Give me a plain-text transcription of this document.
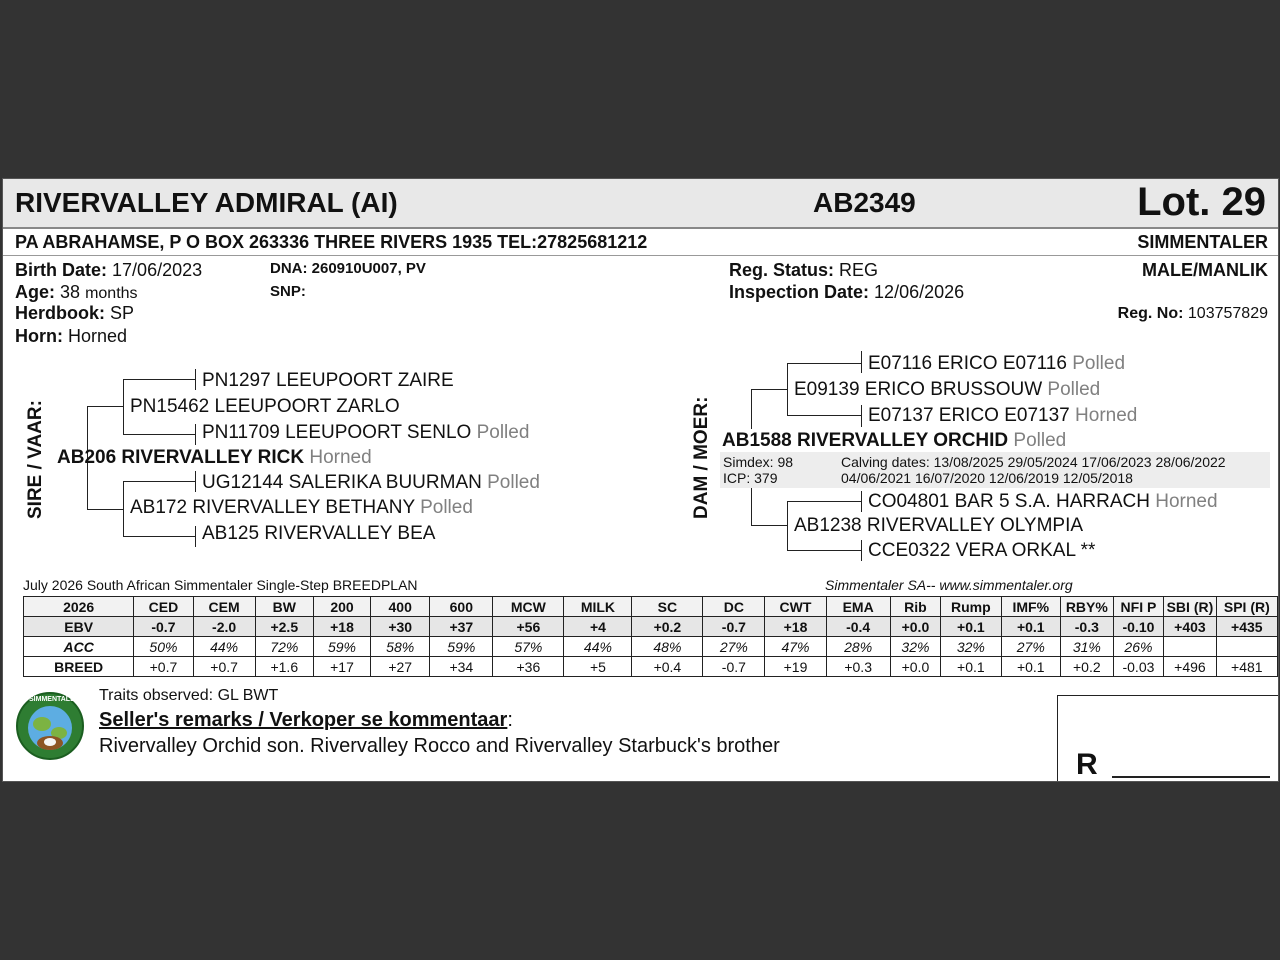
RIVERVALLEY ADMIRAL (AI)	AB2349	Lot. 29
PA ABRAHAMSE, P O BOX 263336 THREE RIVERS 1935 TEL:27825681212	SIMMENTALER
Birth Date: 17/06/2023
Age: 38 months
Herdbook: SP
Horn: Horned
DNA: 260910U007, PV
SNP:
Reg. Status: REG
Inspection Date: 12/06/2026
MALE/MANLIK
Reg. No: 103757829
SIRE / VAAR:
PN1297 LEEUPOORT ZAIRE
PN15462 LEEUPOORT ZARLO
PN11709 LEEUPOORT SENLO Polled
AB206 RIVERVALLEY RICK Horned
UG12144 SALERIKA BUURMAN Polled
AB172 RIVERVALLEY BETHANY Polled
AB125 RIVERVALLEY BEA
DAM / MOER:
E07116 ERICO E07116 Polled
E09139 ERICO BRUSSOUW Polled
E07137 ERICO E07137 Horned
AB1588 RIVERVALLEY ORCHID Polled
Simdex: 98
ICP: 379
Calving dates: 13/08/2025 29/05/2024 17/06/2023 28/06/2022
04/06/2021 16/07/2020 12/06/2019 12/05/2018
CO04801 BAR 5 S.A. HARRACH Horned
AB1238 RIVERVALLEY OLYMPIA
CCE0322 VERA ORKAL **
July 2026 South African Simmentaler Single-Step BREEDPLAN	Simmentaler SA-- www.simmentaler.org
2026	CED	CEM	BW	200	400	600	MCW	MILK	SC	DC	CWT	EMA	Rib	Rump	IMF%	RBY%	NFI P	SBI (R)	SPI (R)
EBV	-0.7	-2.0	+2.5	+18	+30	+37	+56	+4	+0.2	-0.7	+18	-0.4	+0.0	+0.1	+0.1	-0.3	-0.10	+403	+435
ACC	50%	44%	72%	59%	58%	59%	57%	44%	48%	27%	47%	28%	32%	32%	27%	31%	26%		
BREED	+0.7	+0.7	+1.6	+17	+27	+34	+36	+5	+0.4	-0.7	+19	+0.3	+0.0	+0.1	+0.1	+0.2	-0.03	+496	+481
SIMMENTALER Traits observed: GL BWT
Seller's remarks / Verkoper se kommentaar:
Rivervalley Orchid son. Rivervalley Rocco and Rivervalley Starbuck's brother
R
